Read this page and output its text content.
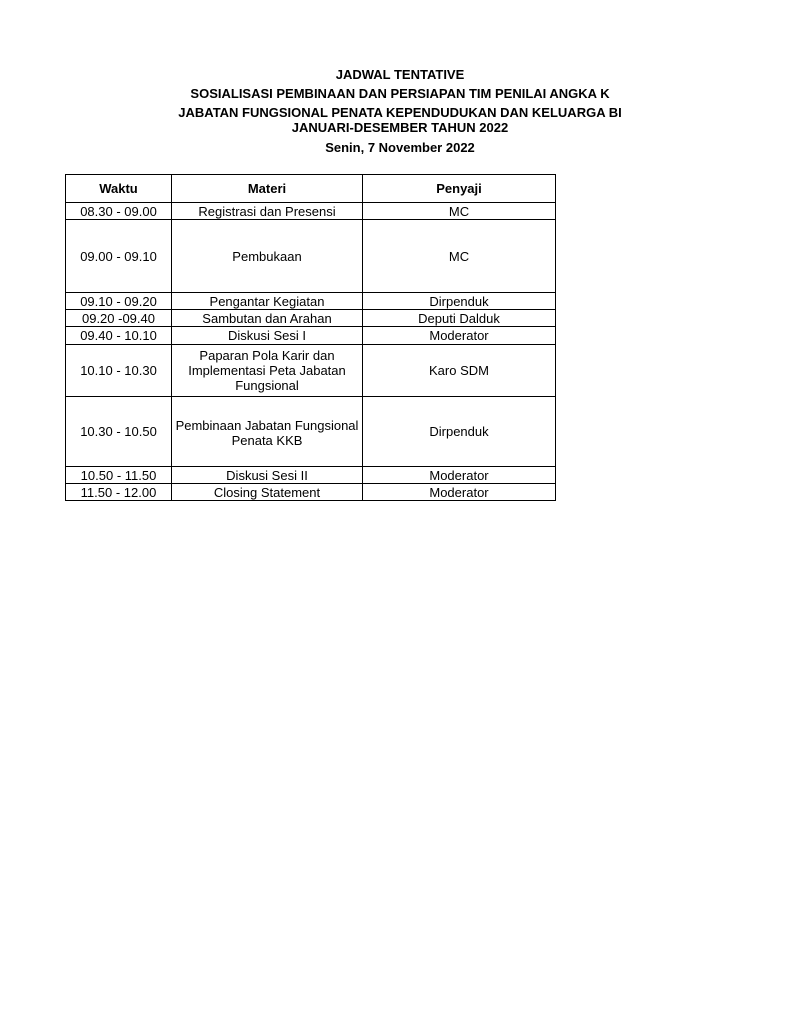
JADWAL TENTATIVE
SOSIALISASI PEMBINAAN DAN PERSIAPAN TIM PENILAI ANGKA K
JABATAN FUNGSIONAL PENATA KEPENDUDUKAN DAN KELUARGA BI
JANUARI-DESEMBER TAHUN 2022
Senin, 7 November 2022
Waktu	Materi	Penyaji
08.30 - 09.00	Registrasi dan Presensi	MC
09.00 - 09.10	Pembukaan	MC
09.10 - 09.20	Pengantar Kegiatan	Dirpenduk
09.20 -09.40	Sambutan dan Arahan	Deputi Dalduk
09.40 - 10.10	Diskusi Sesi I	Moderator
10.10 - 10.30	Paparan Pola Karir dan Implementasi Peta Jabatan Fungsional	Karo SDM
10.30 - 10.50	Pembinaan Jabatan Fungsional Penata KKB	Dirpenduk
10.50 - 11.50	Diskusi Sesi II	Moderator
11.50 - 12.00	Closing Statement	Moderator
